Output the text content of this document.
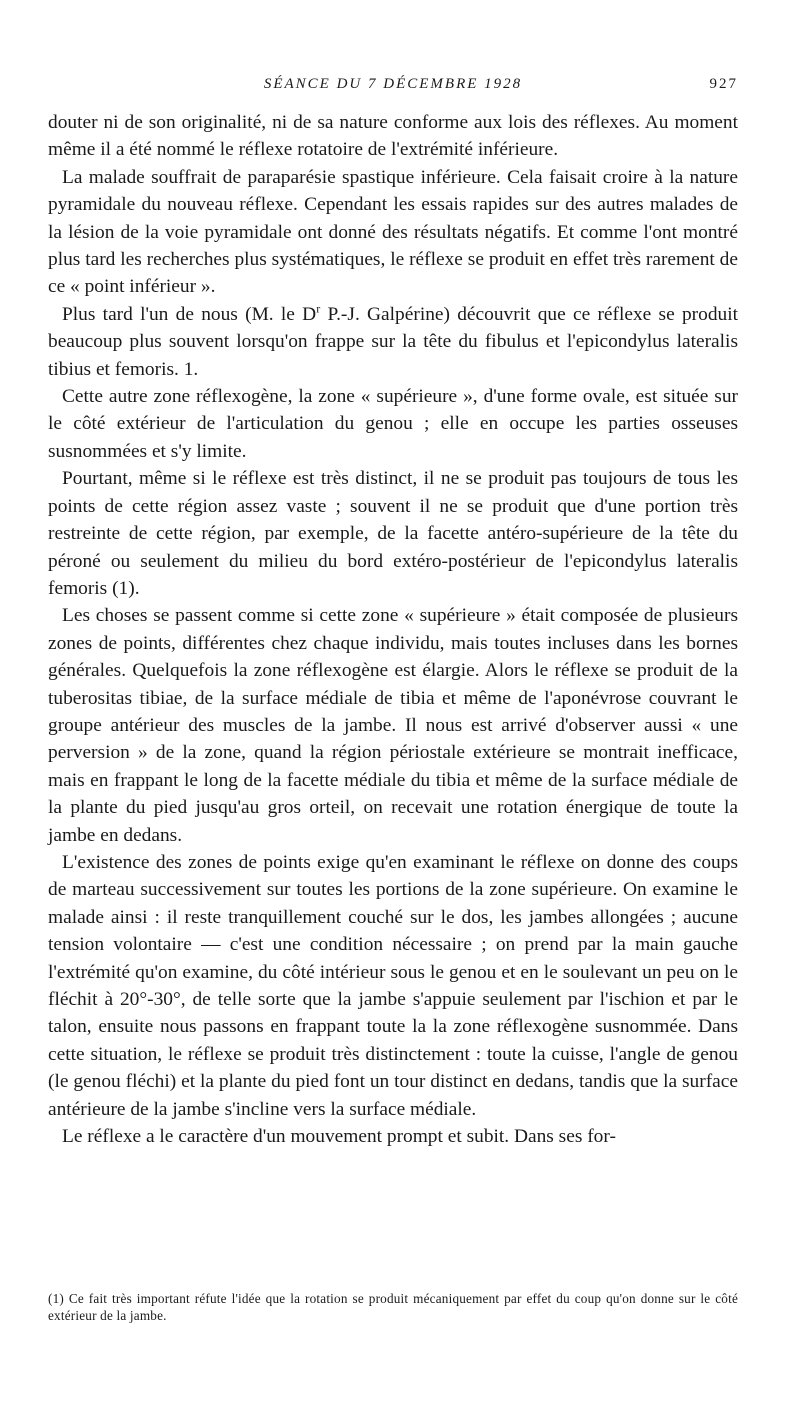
SÉANCE DU 7 DÉCEMBRE 1928	927

douter ni de son originalité, ni de sa nature conforme aux lois des réflexes. Au moment même il a été nommé le réflexe rotatoire de l'extrémité inférieure.

La malade souffrait de paraparésie spastique inférieure. Cela faisait croire à la nature pyramidale du nouveau réflexe. Cependant les essais rapides sur des autres malades de la lésion de la voie pyramidale ont donné des résultats négatifs. Et comme l'ont montré plus tard les recherches plus systématiques, le réflexe se produit en effet très rarement de ce « point inférieur ».

Plus tard l'un de nous (M. le $D^r$ P.-J. Galpérine) découvrit que ce réflexe se produit beaucoup plus souvent lorsqu'on frappe sur la tête du fibulus et l'epicondylus lateralis tibius et femoris. 1.

Cette autre zone réflexogène, la zone « supérieure », d'une forme ovale, est située sur le côté extérieur de l'articulation du genou ; elle en occupe les parties osseuses susnommées et s'y limite.

Pourtant, même si le réflexe est très distinct, il ne se produit pas toujours de tous les points de cette région assez vaste ; souvent il ne se produit que d'une portion très restreinte de cette région, par exemple, de la facette antéro-supérieure de la tête du péroné ou seulement du milieu du bord extéro-postérieur de l'epicondylus lateralis femoris (1).

Les choses se passent comme si cette zone « supérieure » était composée de plusieurs zones de points, différentes chez chaque individu, mais toutes incluses dans les bornes générales. Quelquefois la zone réflexogène est élargie. Alors le réflexe se produit de la tuberositas tibiae, de la surface médiale de tibia et même de l'aponévrose couvrant le groupe antérieur des muscles de la jambe. Il nous est arrivé d'observer aussi « une perversion » de la zone, quand la région périostale extérieure se montrait inefficace, mais en frappant le long de la facette médiale du tibia et même de la surface médiale de la plante du pied jusqu'au gros orteil, on recevait une rotation énergique de toute la jambe en dedans.

L'existence des zones de points exige qu'en examinant le réflexe on donne des coups de marteau successivement sur toutes les portions de la zone supérieure. On examine le malade ainsi : il reste tranquillement couché sur le dos, les jambes allongées ; aucune tension volontaire — c'est une condition nécessaire ; on prend par la main gauche l'extrémité qu'on examine, du côté intérieur sous le genou et en le soulevant un peu on le fléchit à 20°-30°, de telle sorte que la jambe s'appuie seulement par l'ischion et par le talon, ensuite nous passons en frappant toute la la zone réflexogène susnommée. Dans cette situation, le réflexe se produit très distinctement : toute la cuisse, l'angle de genou (le genou fléchi) et la plante du pied font un tour distinct en dedans, tandis que la surface antérieure de la jambe s'incline vers la surface médiale.

Le réflexe a le caractère d'un mouvement prompt et subit. Dans ses for-

(1) Ce fait très important réfute l'idée que la rotation se produit mécaniquement par effet du coup qu'on donne sur le côté extérieur de la jambe.
